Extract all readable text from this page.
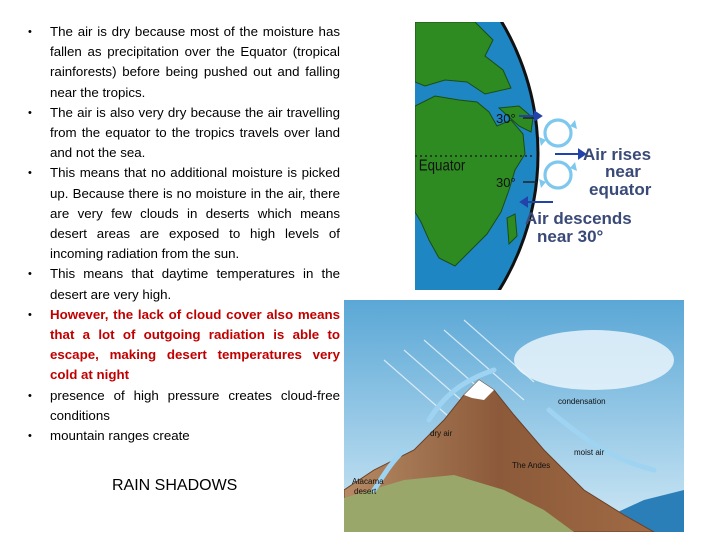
• The air is dry because most of the moisture has fallen as precipitation over the Equator (tropical rainforests) before being pushed out and falling near the tropics.

• The air is also very dry because the air travelling from the equator to the tropics travels over land and not the sea.

• This means that no additional moisture is picked up. Because there is no moisture in the air, there are very few clouds in deserts which means desert areas are exposed to high levels of incoming radiation from the sun.

• This means that daytime temperatures in the desert are very high.

• However, the lack of cloud cover also means that a lot of outgoing radiation is able to escape, making desert temperatures very cold at night

• presence of high pressure creates cloud-free conditions

• mountain ranges create

RAIN SHADOWS
30°
30°
Equator
Air rises
near
equator
Air descends
near 30°
condensation
dry air
moist air
The Andes
Atacama
desert
